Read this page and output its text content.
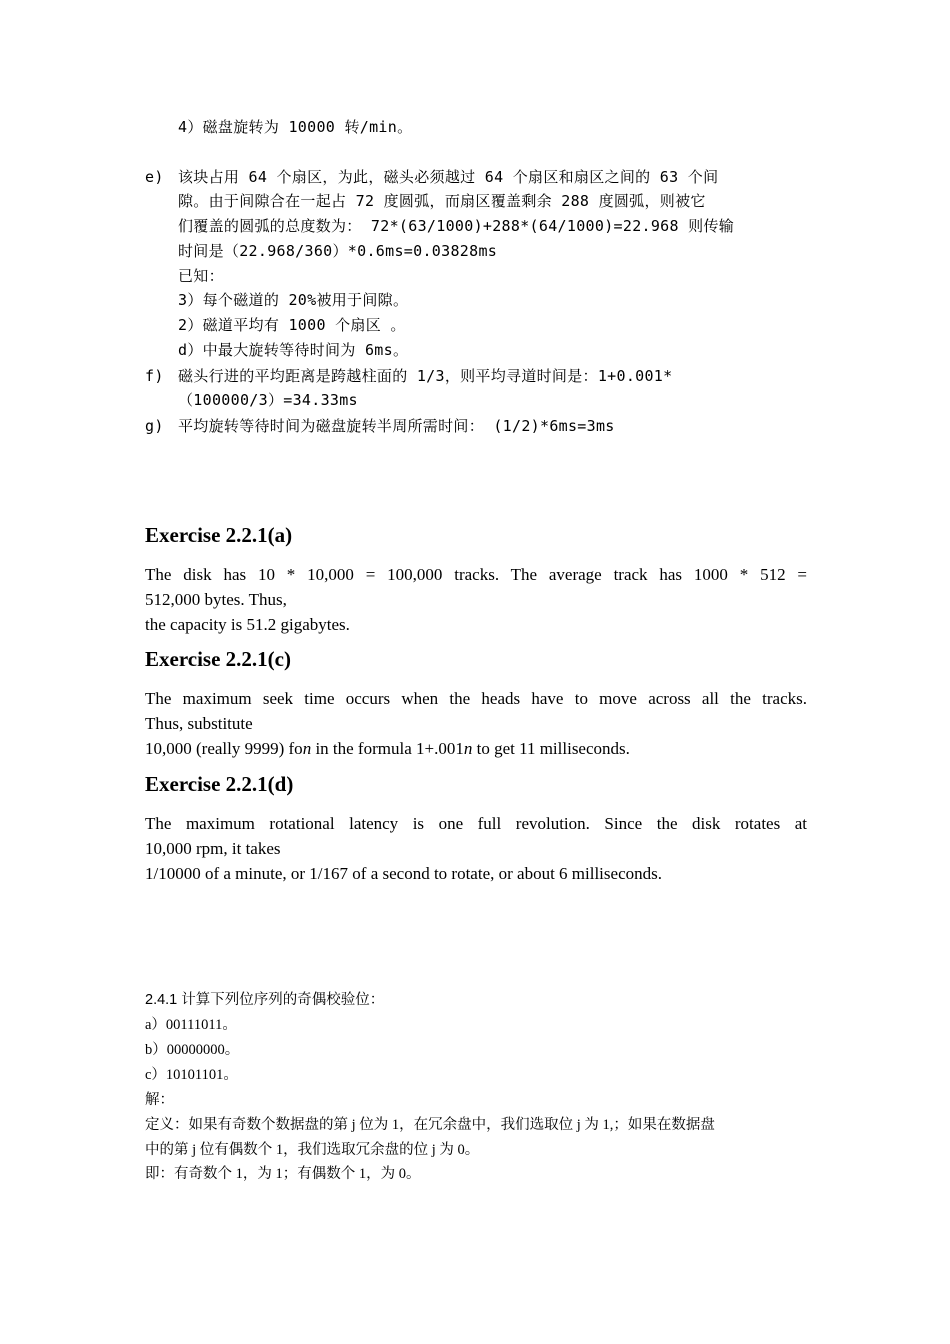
4）磁盘旋转为 10000 转/min。
e) 该块占用 64 个扇区，为此，磁头必须越过 64 个扇区和扇区之间的 63 个间
隙。由于间隙合在一起占 72 度圆弧，而扇区覆盖剩余 288 度圆弧，则被它
们覆盖的圆弧的总度数为： 72*(63/1000)+288*(64/1000)=22.968 则传输
时间是（22.968/360）*0.6ms=0.03828ms
已知：
3）每个磁道的 20%被用于间隙。
2）磁道平均有 1000 个扇区 。
d）中最大旋转等待时间为 6ms。
f) 磁头行进的平均距离是跨越柱面的 1/3，则平均寻道时间是：1+0.001*
（100000/3）=34.33ms
g) 平均旋转等待时间为磁盘旋转半周所需时间： (1/2)*6ms=3ms
Exercise 2.2.1(a)
The disk has 10 * 10,000 = 100,000 tracks. The average track has 1000 * 512 =
512,000 bytes. Thus,
the capacity is 51.2 gigabytes.
Exercise 2.2.1(c)
The maximum seek time occurs when the heads have to move across all the tracks.
Thus, substitute
10,000 (really 9999) fon in the formula 1+.001n to get 11 milliseconds.
Exercise 2.2.1(d)
The maximum rotational latency is one full revolution. Since the disk rotates at
10,000 rpm, it takes
1/10000 of a minute, or 1/167 of a second to rotate, or about 6 milliseconds.
2.4.1 计算下列位序列的奇偶校验位：
a）00111011。
b）00000000。
c）10101101。
解：
定义：如果有奇数个数据盘的第 j 位为 1，在冗余盘中，我们选取位 j 为 1,；如果在数据盘
中的第 j 位有偶数个 1，我们选取冗余盘的位 j 为 0。
即：有奇数个 1，为 1；有偶数个 1，为 0。
